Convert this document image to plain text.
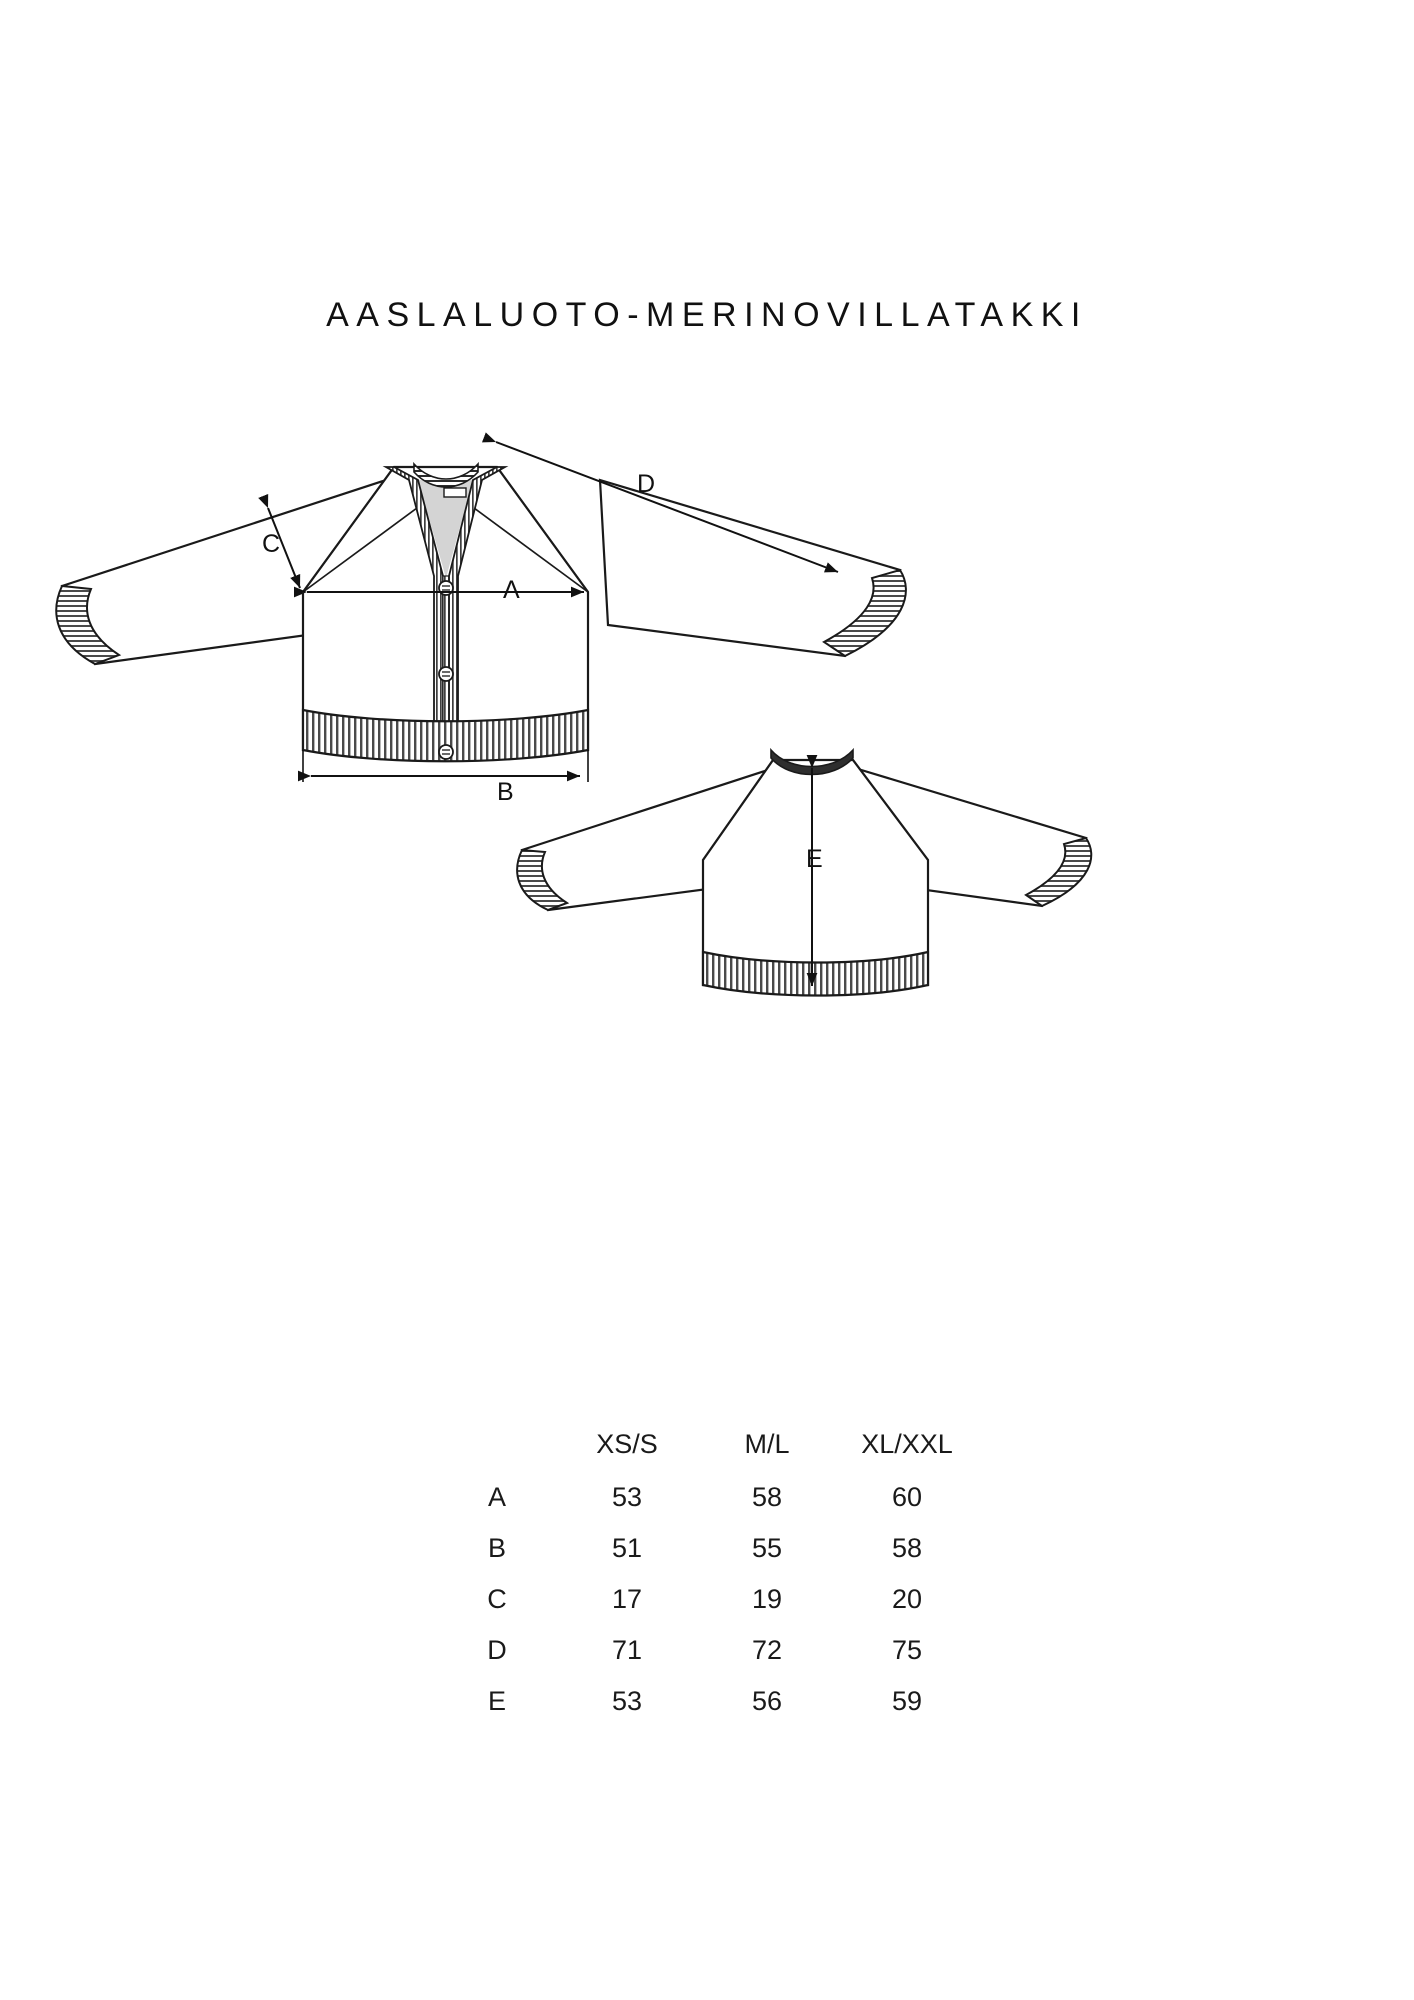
AASLALUOTO-MERINOVILLATAKKI
A
B
C
D
E
	XS/S	M/L	XL/XXL
A	53	58	60
B	51	55	58
C	17	19	20
D	71	72	75
E	53	56	59
